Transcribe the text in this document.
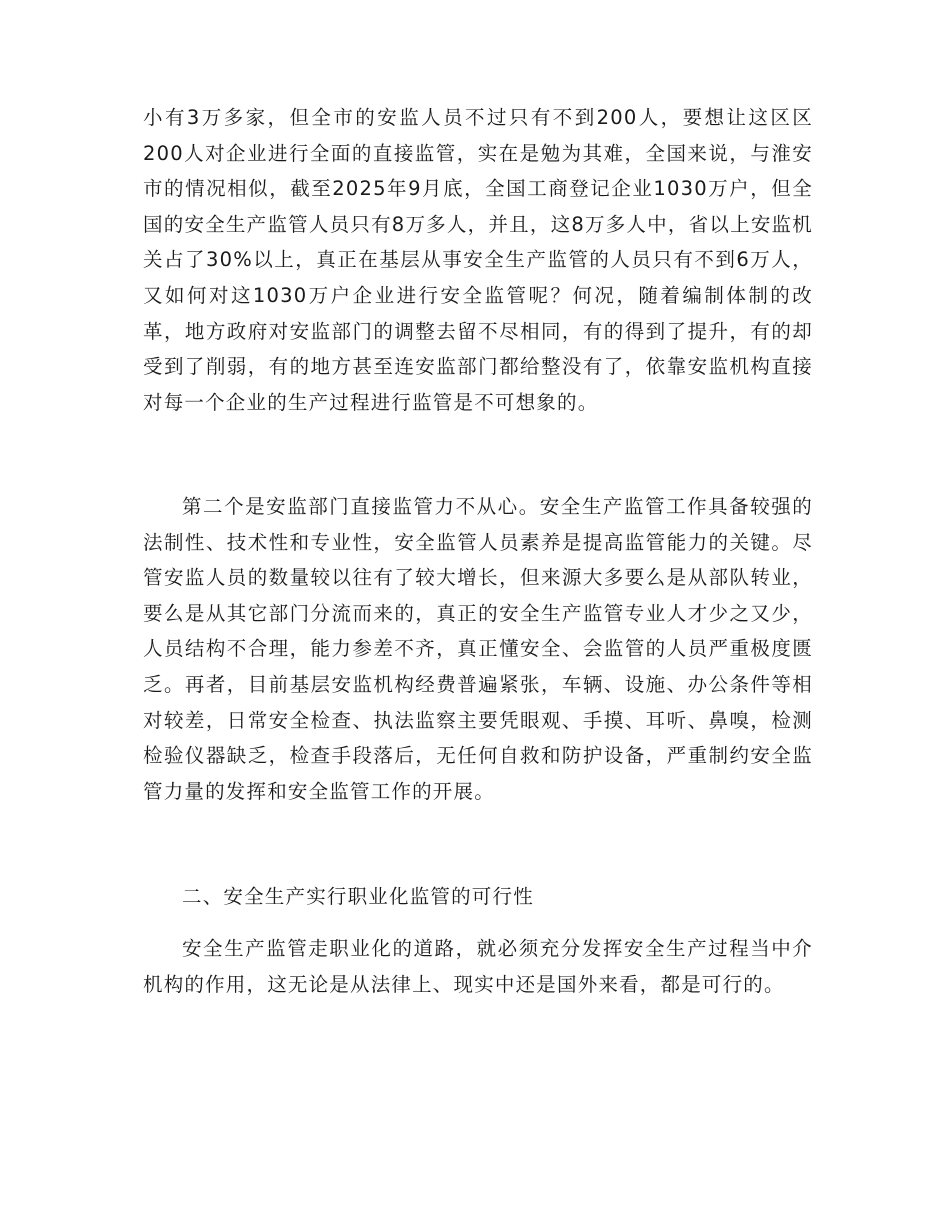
小有3万多家，但全市的安监人员不过只有不到200人，要想让这区区200人对企业进行全面的直接监管，实在是勉为其难，全国来说，与淮安市的情况相似，截至2025年9月底，全国工商登记企业1030万户，但全国的安全生产监管人员只有8万多人，并且，这8万多人中，省以上安监机关占了30%以上，真正在基层从事安全生产监管的人员只有不到6万人，又如何对这1030万户企业进行安全监管呢？何况，随着编制体制的改革，地方政府对安监部门的调整去留不尽相同，有的得到了提升，有的却受到了削弱，有的地方甚至连安监部门都给整没有了，依靠安监机构直接对每一个企业的生产过程进行监管是不可想象的。

第二个是安监部门直接监管力不从心。安全生产监管工作具备较强的法制性、技术性和专业性，安全监管人员素养是提高监管能力的关键。尽管安监人员的数量较以往有了较大增长，但来源大多要么是从部队转业，要么是从其它部门分流而来的，真正的安全生产监管专业人才少之又少，人员结构不合理，能力参差不齐，真正懂安全、会监管的人员严重极度匮乏。再者，目前基层安监机构经费普遍紧张，车辆、设施、办公条件等相对较差，日常安全检查、执法监察主要凭眼观、手摸、耳听、鼻嗅，检测检验仪器缺乏，检查手段落后，无任何自救和防护设备，严重制约安全监管力量的发挥和安全监管工作的开展。

二、安全生产实行职业化监管的可行性

安全生产监管走职业化的道路，就必须充分发挥安全生产过程当中介机构的作用，这无论是从法律上、现实中还是国外来看，都是可行的。
